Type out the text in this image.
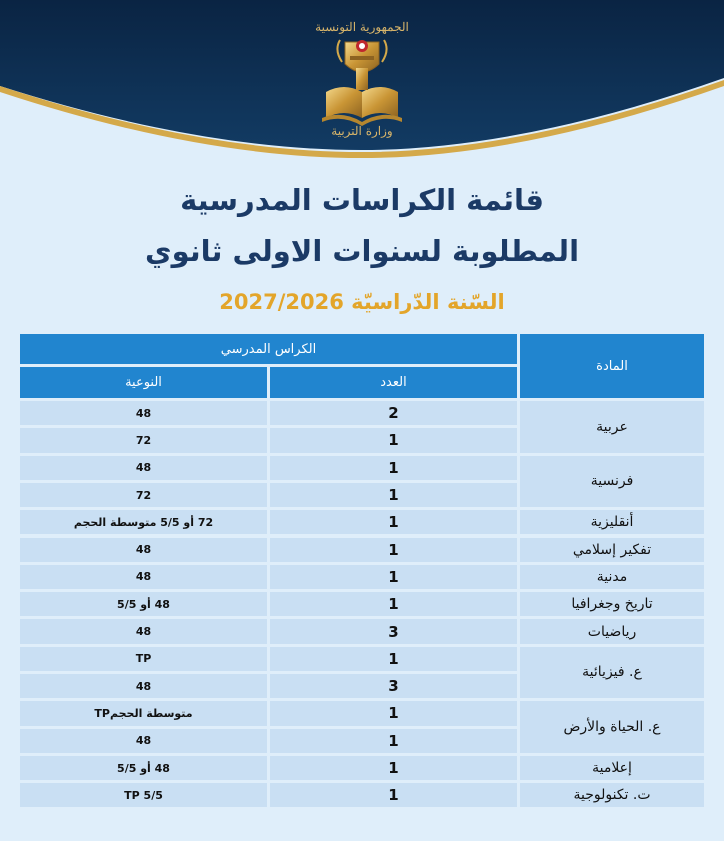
الجمهورية التونسية
وزارة التربية
قائمة الكراسات المدرسية
المطلوبة لسنوات الاولى ثانوي
السّنة الدّراسيّة 2027/2026
الكراس المدرسي
المادة
النوعية	العدد
2
48
1
72
1
48
1
72
1
72 أو 5/5 متوسطة الحجم
1
48
1
48
1
48 أو 5/5
3
48
1
TP
3
48
1
متوسطة الحجمTP
1
48
1
48 أو 5/5
1
TP 5/5
عربية
فرنسية
أنقليزية
تفكير إسلامي
مدنية
تاريخ وجغرافيا
رياضيات
ع. فيزيائية
ع. الحياة والأرض
إعلامية
ت. تكنولوجية
